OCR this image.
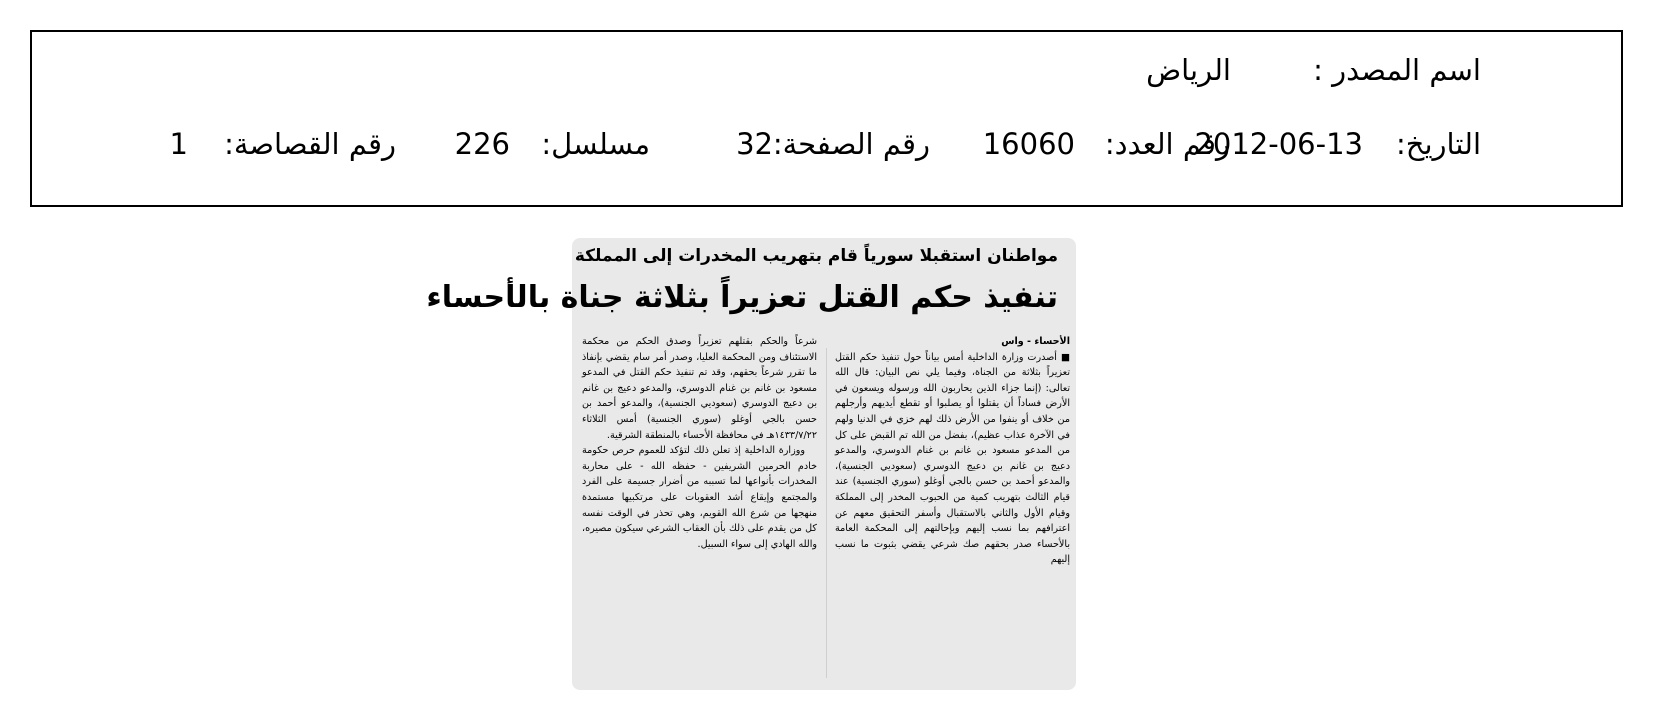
اسم المصدر :
الرياض
التاريخ:
2012-06-13
رقم العدد:
16060
رقم الصفحة:
32
مسلسل:
226
رقم القصاصة:
1
مواطنان استقبلا سورياً قام بتهريب المخدرات إلى المملكة
تنفيذ حكم القتل تعزيراً بثلاثة جناة بالأحساء
الأحساء - واس

■ أصدرت وزارة الداخلية أمس بياناً حول تنفيذ حكم القتل تعزيراً بثلاثة من الجناة، وفيما يلي نص البيان: قال الله تعالى: (إنما جزاء الذين يحاربون الله ورسوله ويسعون في الأرض فساداً أن يقتلوا أو يصلبوا أو تقطع أيديهم وأرجلهم من خلاف أو ينفوا من الأرض ذلك لهم خزي في الدنيا ولهم في الآخرة عذاب عظيم)، بفضل من الله تم القبض على كل من المدعو مسعود بن غانم بن غنام الدوسري، والمدعو دعيج بن غانم بن دعيج الدوسري (سعوديي الجنسية)، والمدعو أحمد بن حسن بالجي أوغلو (سوري الجنسية) عند قيام الثالث بتهريب كمية من الحبوب المخدر إلى المملكة وقيام الأول والثاني بالاستقبال وأسفر التحقيق معهم عن اعترافهم بما نسب إليهم وبإحالتهم إلى المحكمة العامة بالأحساء صدر بحقهم صك شرعي يقضي بثبوت ما نسب إليهم

شرعاً والحكم بقتلهم تعزيراً وصدق الحكم من محكمة الاستئناف ومن المحكمة العليا، وصدر أمر سام يقضي بإنفاذ ما تقرر شرعاً بحقهم، وقد تم تنفيذ حكم القتل في المدعو مسعود بن غانم بن غنام الدوسري، والمدعو دعيج بن غانم بن دعيج الدوسري (سعوديي الجنسية)، والمدعو أحمد بن حسن بالجي أوغلو (سوري الجنسية) أمس الثلاثاء ١٤٣٣/٧/٢٢هـ في محافظة الأحساء بالمنطقة الشرقية.

ووزارة الداخلية إذ تعلن ذلك لتؤكد للعموم حرص حكومة خادم الحرمين الشريفين - حفظه الله - على محاربة المخدرات بأنواعها لما تسببه من أضرار جسيمة على الفرد والمجتمع وإيقاع أشد العقوبات على مرتكبيها مستمدة منهجها من شرع الله القويم، وهي تحذر في الوقت نفسه كل من يقدم على ذلك بأن العقاب الشرعي سيكون مصيره، والله الهادي إلى سواء السبيل.
